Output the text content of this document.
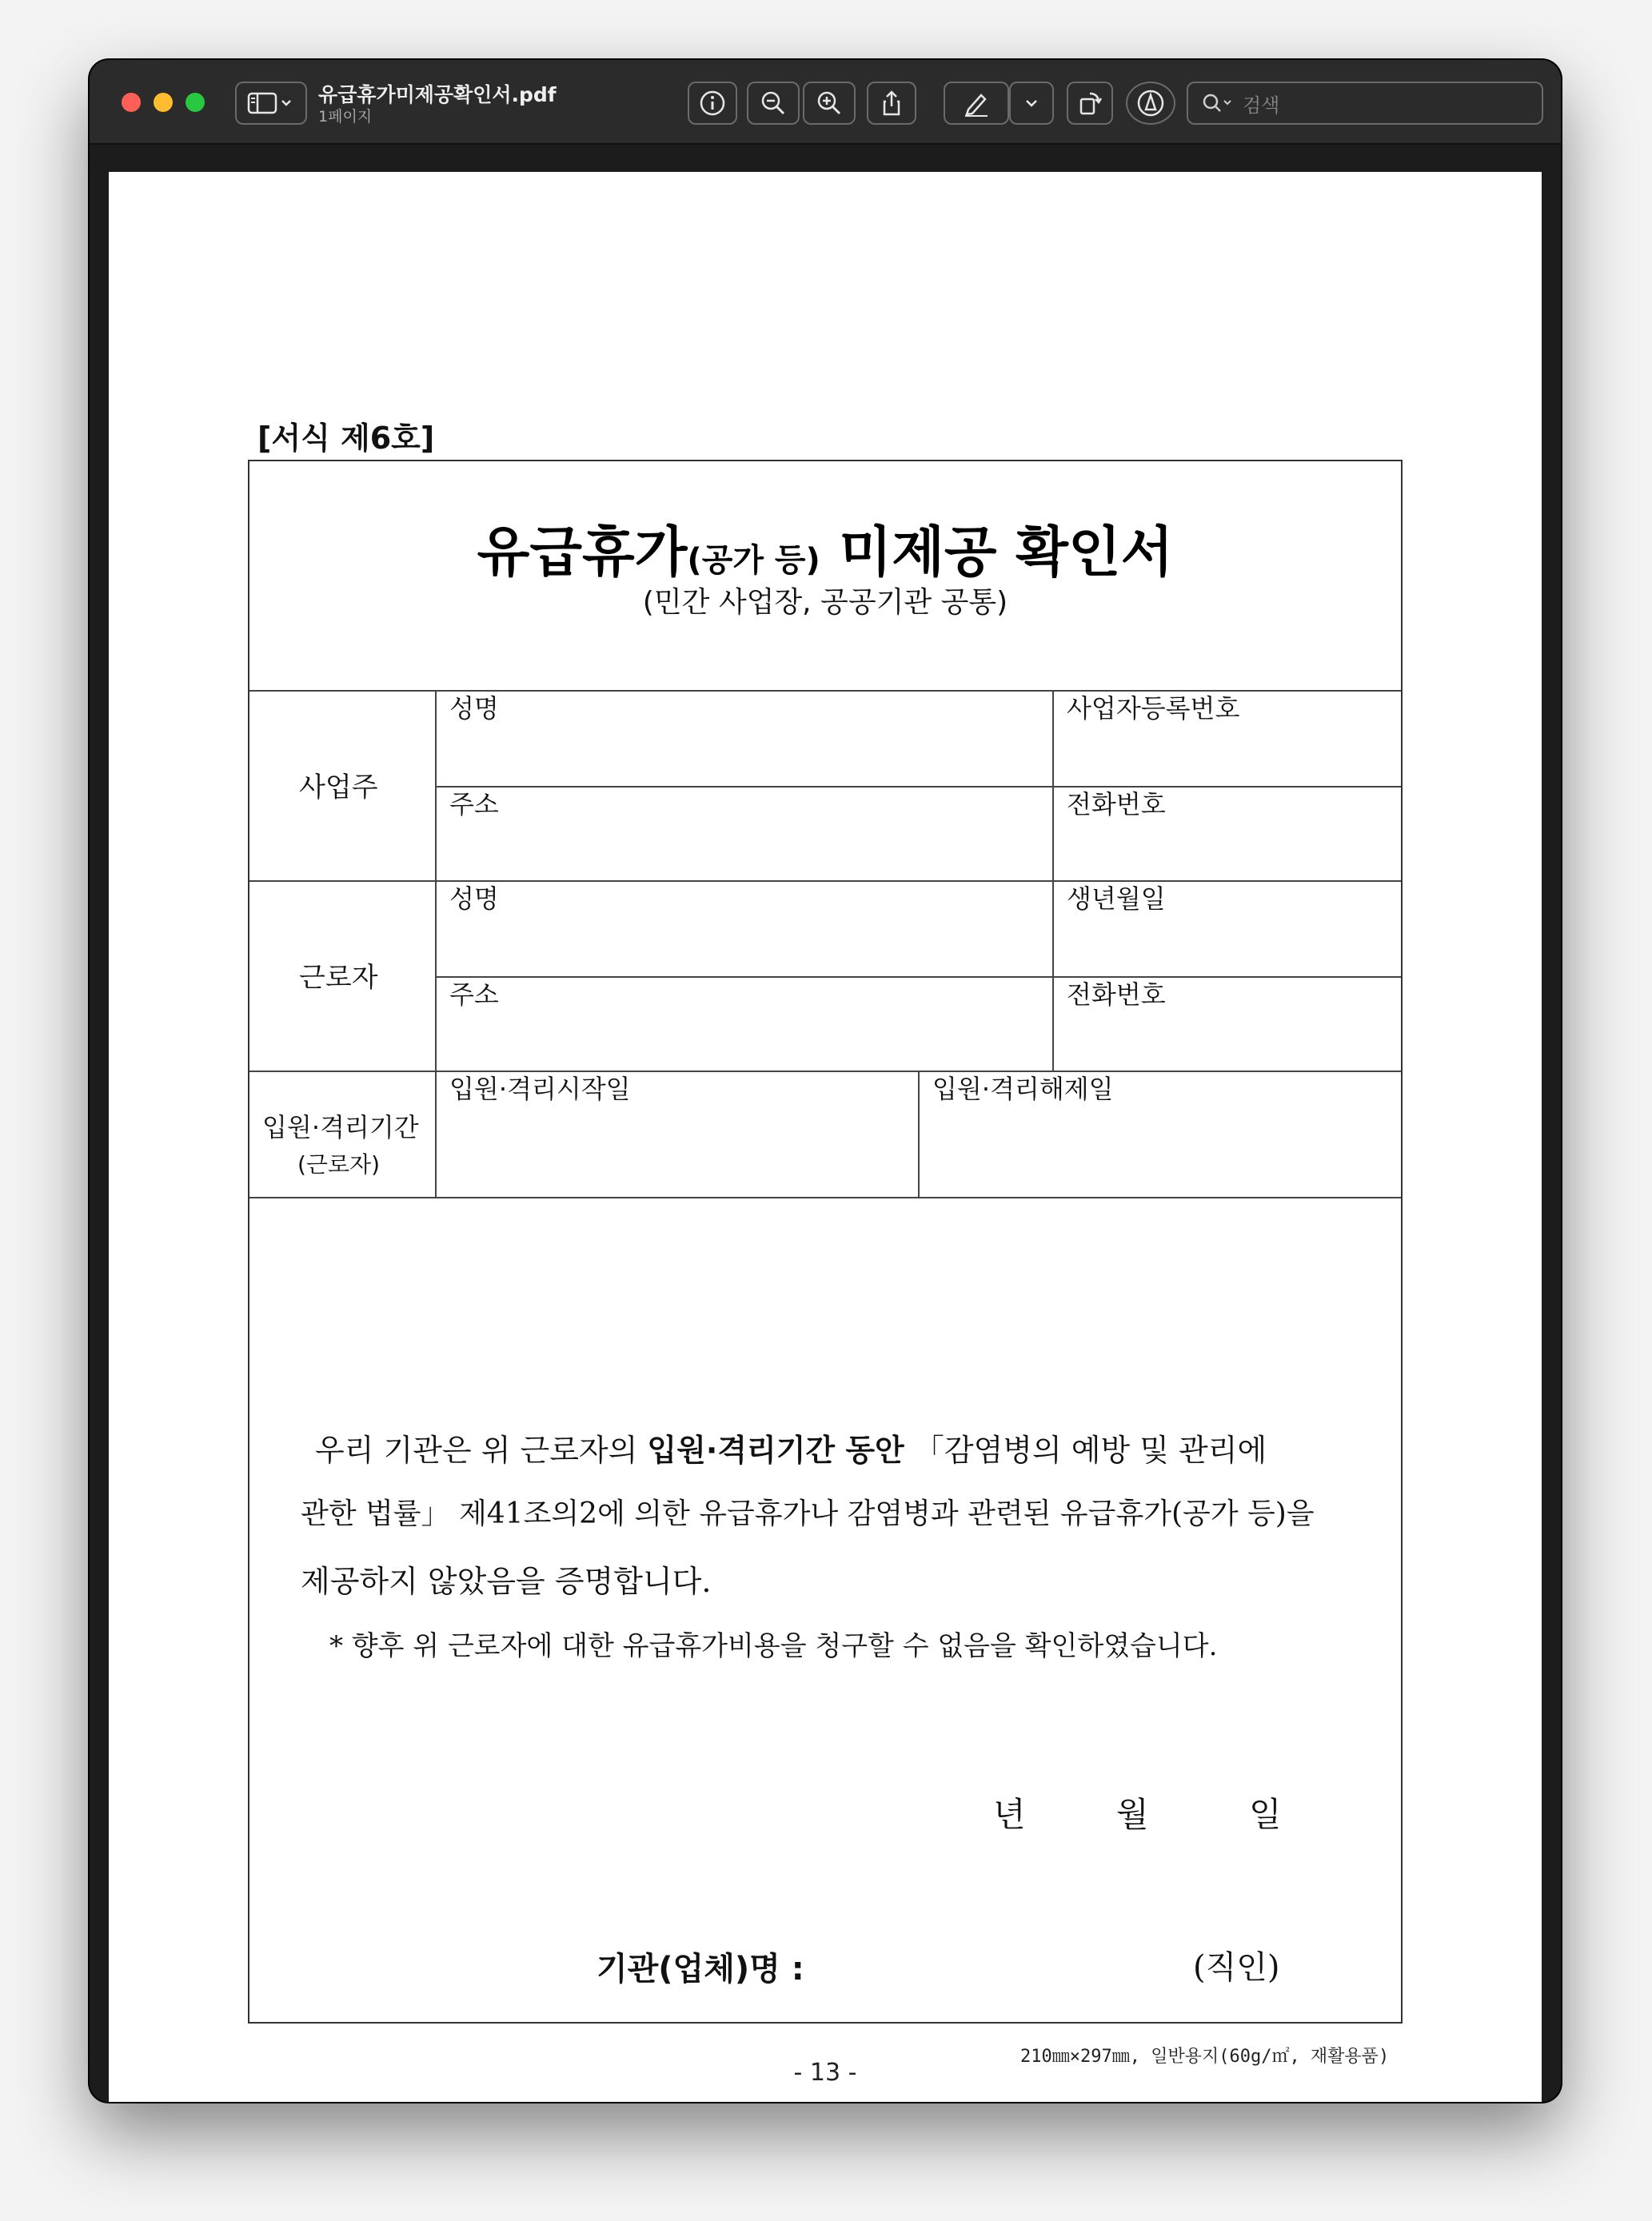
유급휴가미제공확인서.pdf
1페이지
검색
[서식 제6호]
유급휴가(공가 등) 미제공 확인서
(민간 사업장, 공공기관 공통)
사업주
성명	사업자등록번호
주소	전화번호
근로자
성명	생년월일
주소	전화번호
입원·격리기간
(근로자)
입원·격리시작일	입원·격리해제일
우리 기관은 위 근로자의 입원·격리기간 동안 「감염병의 예방 및 관리에
관한 법률」 제41조의2에 의한 유급휴가나 감염병과 관련된 유급휴가(공가 등)을
제공하지 않았음을 증명합니다.
* 향후 위 근로자에 대한 유급휴가비용을 청구할 수 없음을 확인하였습니다.
년	월	일
기관(업체)명 :	(직인)
210㎜×297㎜, 일반용지(60g/㎡, 재활용품)
- 13 -
